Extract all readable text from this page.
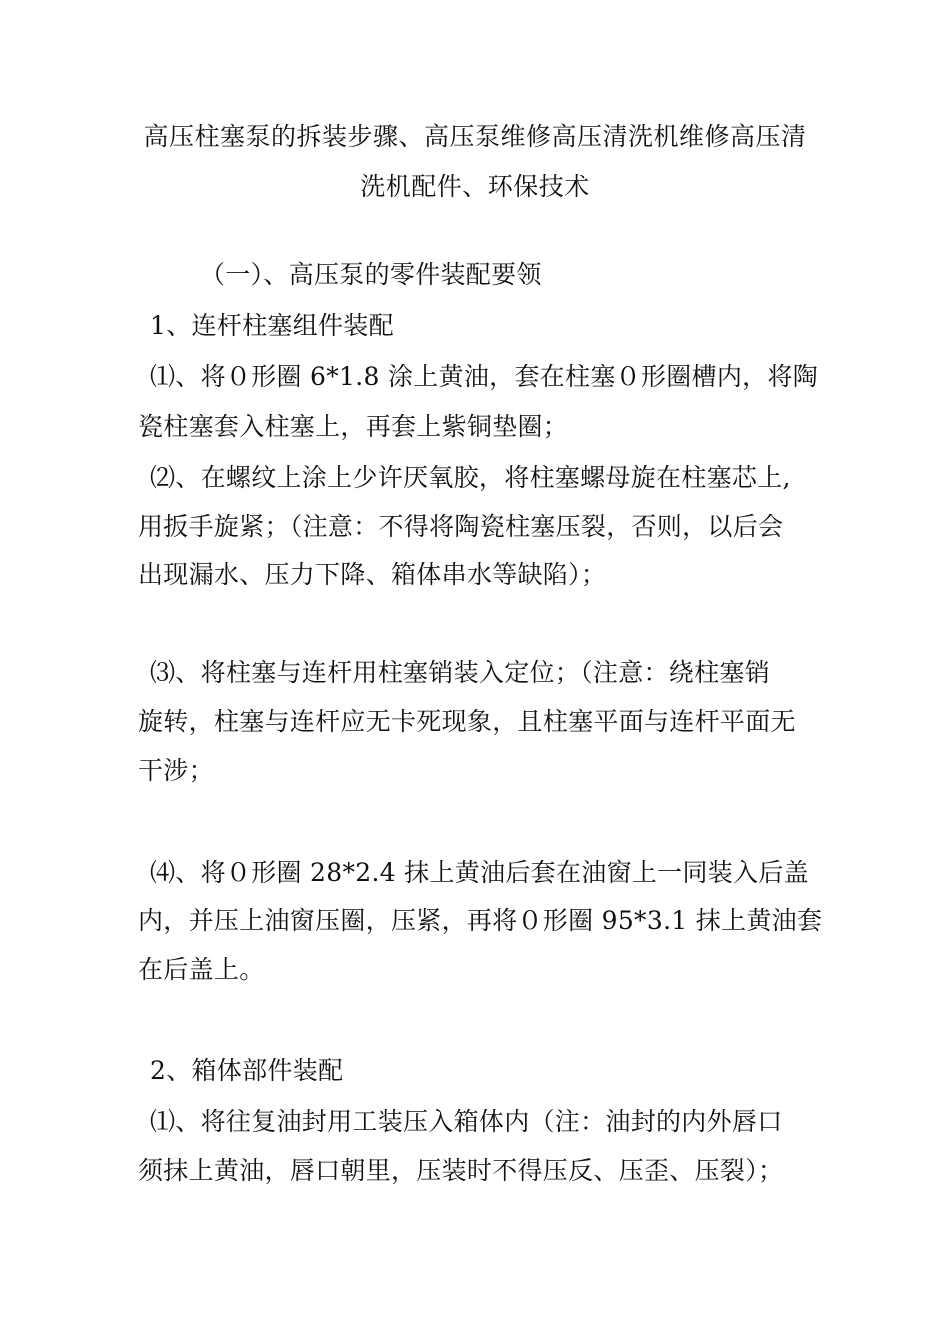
高压柱塞泵的拆装步骤、高压泵维修高压清洗机维修高压清
洗机配件、环保技术
（一）、高压泵的零件装配要领
1、连杆柱塞组件装配
⑴、将０形圈 6*1.8 涂上黄油，套在柱塞０形圈槽内，将陶
瓷柱塞套入柱塞上，再套上紫铜垫圈；
⑵、在螺纹上涂上少许厌氧胶，将柱塞螺母旋在柱塞芯上,
用扳手旋紧；（注意：不得将陶瓷柱塞压裂，否则，以后会
出现漏水、压力下降、箱体串水等缺陷）；
⑶、将柱塞与连杆用柱塞销装入定位；（注意：绕柱塞销
旋转，柱塞与连杆应无卡死现象，且柱塞平面与连杆平面无
干涉；
⑷、将０形圈 28*2.4 抹上黄油后套在油窗上一同装入后盖
内，并压上油窗压圈，压紧，再将０形圈 95*3.1 抹上黄油套
在后盖上。
2、箱体部件装配
⑴、将往复油封用工装压入箱体内（注：油封的内外唇口
须抹上黄油，唇口朝里，压装时不得压反、压歪、压裂）；
